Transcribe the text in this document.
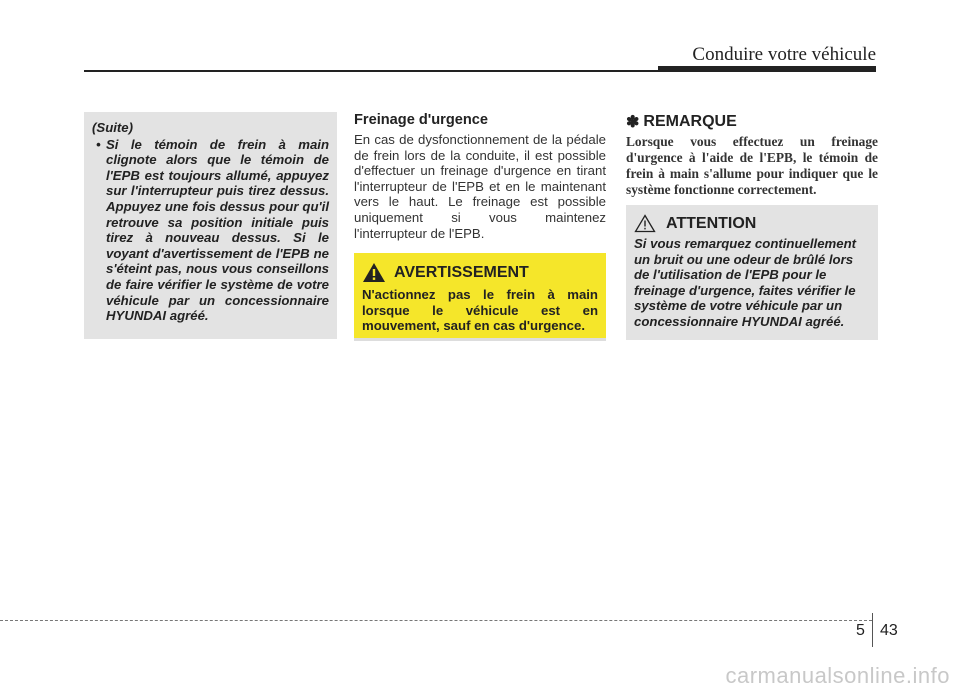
Conduire votre véhicule

(Suite)

• Si le témoin de frein à main clignote alors que le témoin de l'EPB est toujours allumé, appuyez sur l'interrupteur puis tirez dessus. Appuyez une fois dessus pour qu'il retrouve sa position initiale puis tirez à nouveau dessus. Si le voyant d'avertissement de l'EPB ne s'éteint pas, nous vous conseillons de faire vérifier le système de votre véhicule par un concessionnaire HYUNDAI agréé.

Freinage d'urgence

En cas de dysfonctionnement de la pédale de frein lors de la conduite, il est possible d'effectuer un freinage d'urgence en tirant l'interrupteur de l'EPB et en le maintenant vers le haut. Le freinage est possible uniquement si vous maintenez l'interrupteur de l'EPB.

AVERTISSEMENT

N'actionnez pas le frein à main lorsque le véhicule est en mouvement, sauf en cas d'urgence.

✽ REMARQUE

Lorsque vous effectuez un freinage d'urgence à l'aide de l'EPB, le témoin de frein à main s'allume pour indiquer que le système fonctionne correctement.

ATTENTION

Si vous remarquez continuellement un bruit ou une odeur de brûlé lors de l'utilisation de l'EPB pour le freinage d'urgence, faites vérifier le système de votre véhicule par un concessionnaire HYUNDAI agréé.

5 43
carmanualsonline.info
